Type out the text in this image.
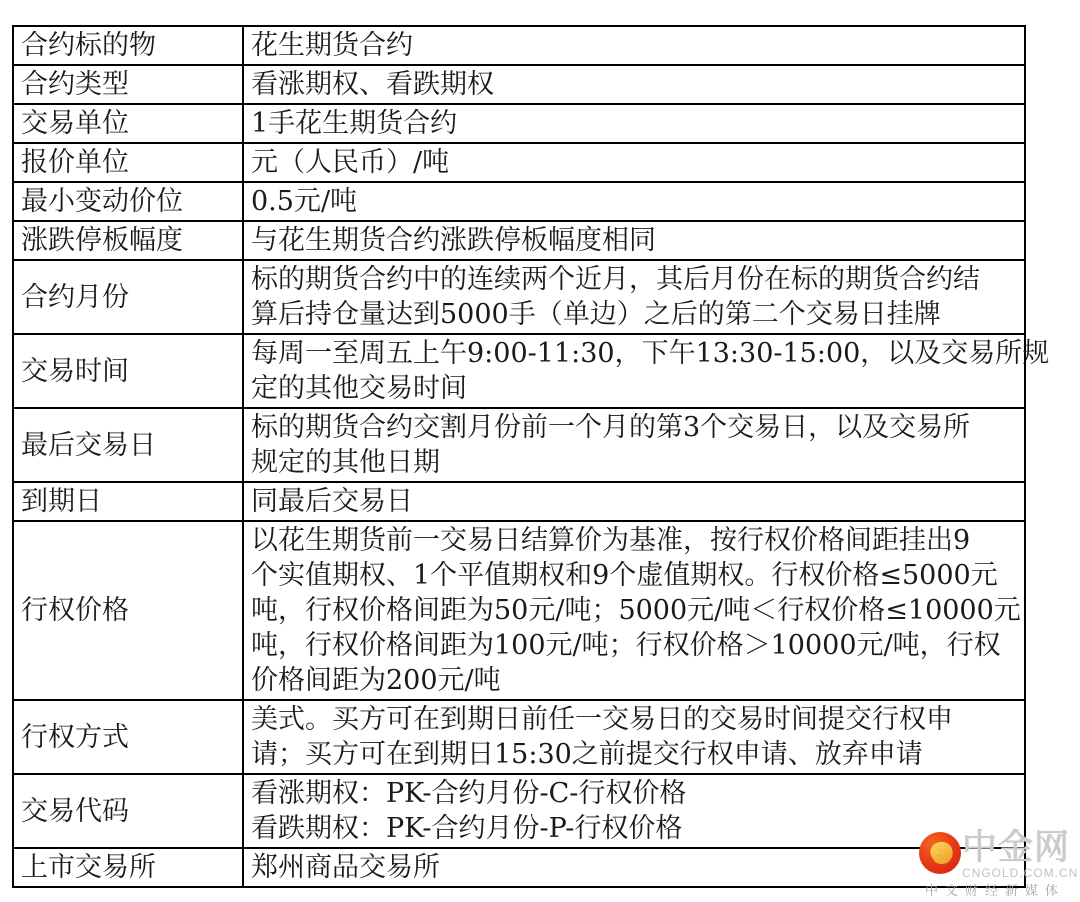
合约标的物	花生期货合约

合约类型	看涨期权、看跌期权

交易单位	1手花生期货合约

报价单位	元（人民币）/吨

最小变动价位	0.5元/吨

涨跌停板幅度	与花生期货合约涨跌停板幅度相同

合约月份	标的期货合约中的连续两个近月，其后月份在标的期货合约结
算后持仓量达到5000手（单边）之后的第二个交易日挂牌

交易时间	每周一至周五上午9:00-11:30，下午13:30-15:00，以及交易所规
定的其他交易时间

最后交易日	标的期货合约交割月份前一个月的第3个交易日，以及交易所
规定的其他日期

到期日	同最后交易日

行权价格	以花生期货前一交易日结算价为基准，按行权价格间距挂出9
个实值期权、1个平值期权和9个虚值期权。行权价格≤5000元
吨，行权价格间距为50元/吨；5000元/吨＜行权价格≤10000元
吨，行权价格间距为100元/吨；行权价格＞10000元/吨，行权
价格间距为200元/吨

行权方式	美式。买方可在到期日前任一交易日的交易时间提交行权申
请；买方可在到期日15:30之前提交行权申请、放弃申请

交易代码	看涨期权：PK-合约月份-C-行权价格
看跌期权：PK-合约月份-P-行权价格

上市交易所	郑州商品交易所
中金网
CNGOLD.COM.CN
中文财经新媒体
